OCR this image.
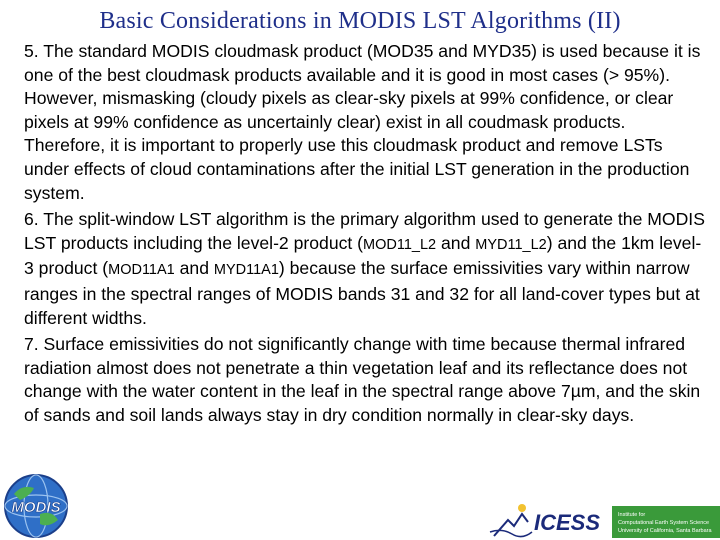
Basic Considerations in MODIS LST Algorithms (II)

5. The standard MODIS cloudmask product (MOD35 and MYD35) is used because it is one of the best cloudmask products available and it is good in most cases (> 95%). However, mismasking (cloudy pixels as clear-sky pixels at 99% confidence, or clear pixels at 99% confidence as uncertainly clear) exist in all coudmask products. Therefore, it is important to properly use this cloudmask product and remove LSTs under effects of cloud contaminations after the initial LST generation in the production system.

6. The split-window LST algorithm is the primary algorithm used to generate the MODIS LST products including the level-2 product (MOD11_L2 and MYD11_L2) and the 1km level-3 product (MOD11A1 and MYD11A1) because the surface emissivities vary within narrow ranges in the spectral ranges of MODIS bands 31 and 32 for all land-cover types but at different widths.

7. Surface emissivities do not significantly change with time because thermal infrared radiation almost does not penetrate a thin vegetation leaf and its reflectance does not change with the water content in the leaf in the spectral range above 7µm, and the skin of sands and soil lands always stay in dry condition normally in clear-sky days.

MODIS
ICESS	Institute for
Computational Earth System Science
University of California, Santa Barbara
